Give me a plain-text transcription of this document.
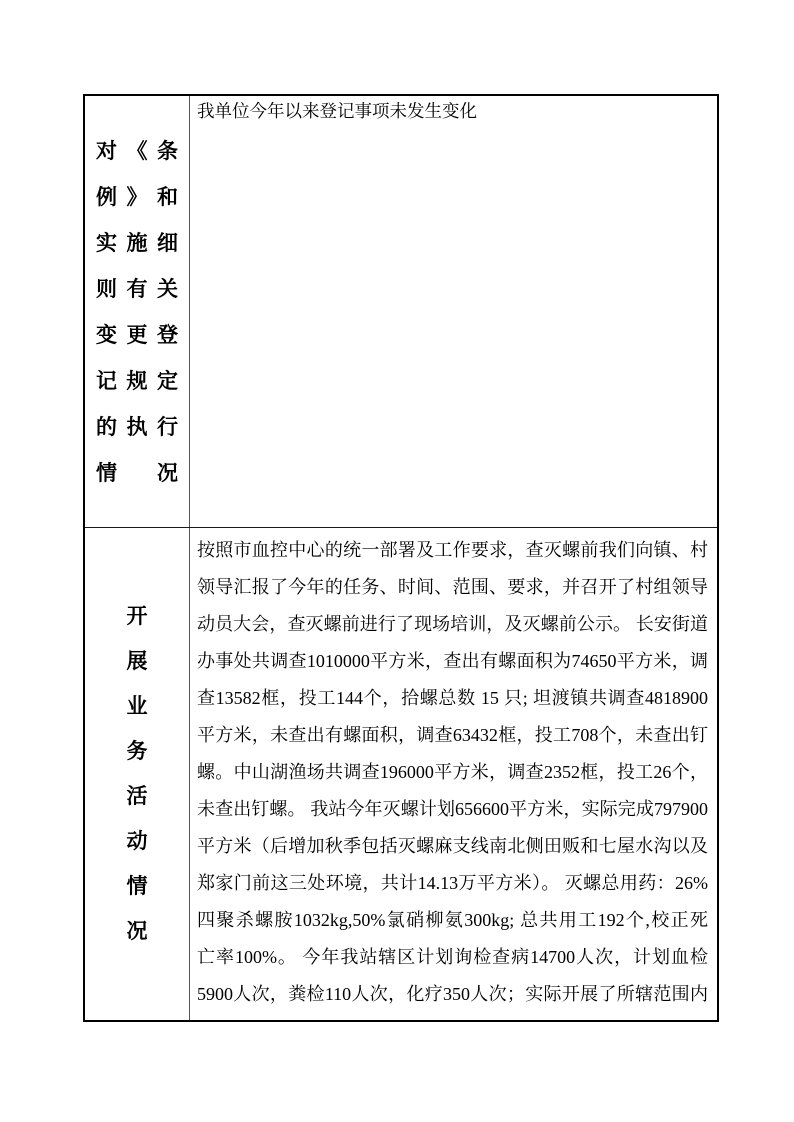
对《条
例》和
实施细
则有关
变更登
记规定
的执行
情　况
我单位今年以来登记事项未发生变化
开
展
业
务
活
动
情
况
按照市血控中心的统一部署及工作要求，查灭螺前我们向镇、村
领导汇报了今年的任务、时间、范围、要求，并召开了村组领导
动员大会，查灭螺前进行了现场培训，及灭螺前公示。 长安街道
办事处共调查1010000平方米，查出有螺面积为74650平方米，调
查13582框，投工144个，拾螺总数 15 只; 坦渡镇共调查4818900
平方米，未查出有螺面积，调查63432框，投工708个，未查出钉
螺。中山湖渔场共调查196000平方米，调查2352框，投工26个，
未查出钉螺。 我站今年灭螺计划656600平方米，实际完成797900
平方米（后增加秋季包括灭螺麻支线南北侧田贩和七屋水沟以及
郑家门前这三处环境，共计14.13万平方米）。 灭螺总用药：26%
四聚杀螺胺1032kg,50%氯硝柳氨300kg; 总共用工192个,校正死
亡率100%。 今年我站辖区计划询检查病14700人次，计划血检
5900人次，粪检110人次，化疗350人次；实际开展了所辖范围内
